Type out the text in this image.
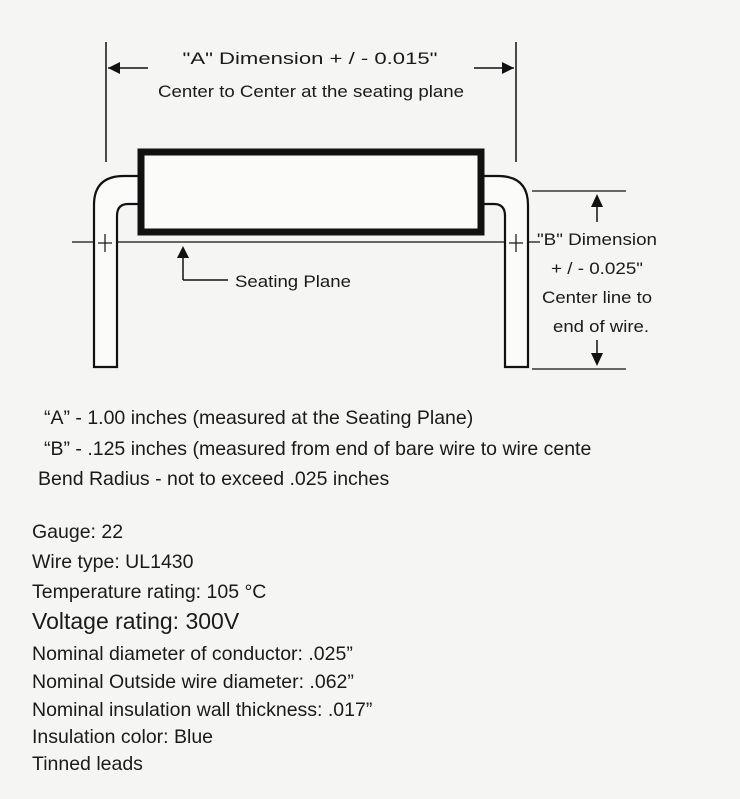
"A" Dimension + / - 0.015"
Center to Center at the seating plane
Seating Plane
"B" Dimension
+ / - 0.025"
Center line to
end of wire.
“A” - 1.00 inches (measured at the Seating Plane)
“B” - .125 inches (measured from end of bare wire to wire cente
Bend Radius - not to exceed .025 inches
Gauge: 22
Wire type: UL1430
Temperature rating: 105 °C
Voltage rating: 300V
Nominal diameter of conductor: .025”
Nominal Outside wire diameter: .062”
Nominal insulation wall thickness: .017”
Insulation color: Blue
Tinned leads
